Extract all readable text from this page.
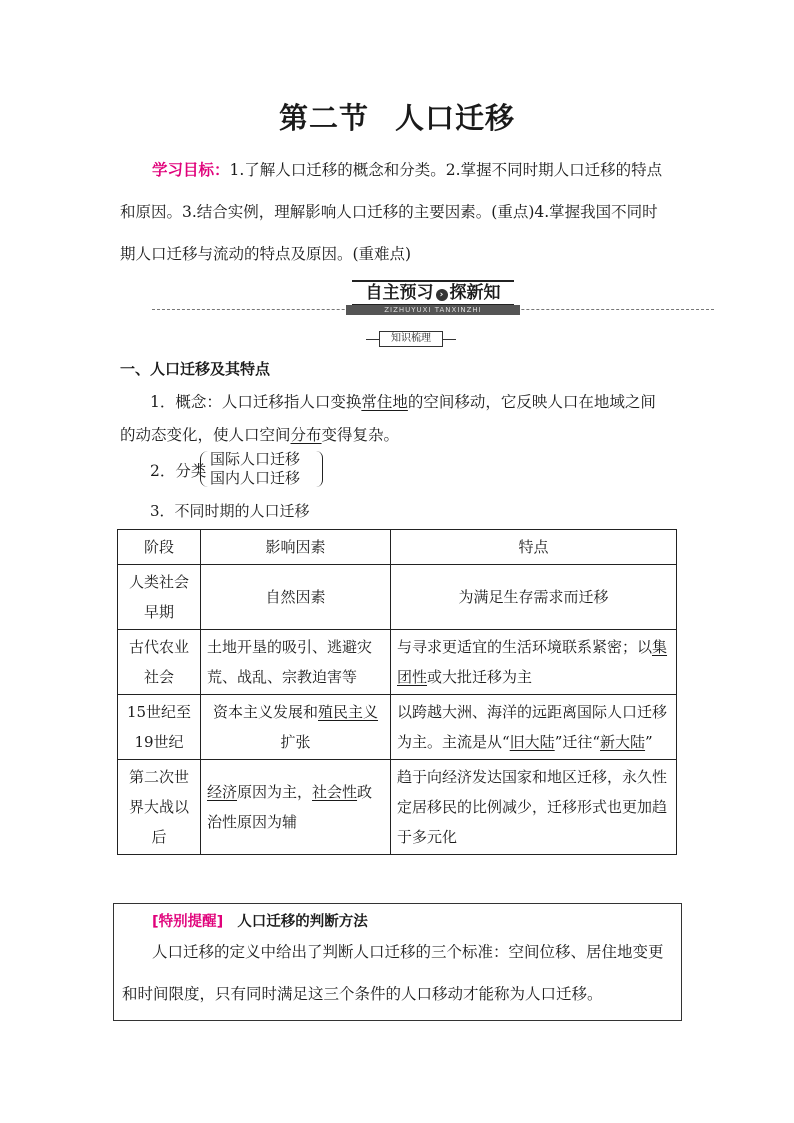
第二节 人口迁移
学习目标：1.了解人口迁移的概念和分类。2.掌握不同时期人口迁移的特点
和原因。3.结合实例，理解影响人口迁移的主要因素。(重点)4.掌握我国不同时
期人口迁移与流动的特点及原因。(重难点)
自主预习 › 探新知
ZIZHUYUXI TANXINZHI
知识梳理
一、人口迁移及其特点
1．概念：人口迁移指人口变换常住地的空间移动，它反映人口在地域之间
的动态变化，使人口空间分布变得复杂。
2．分类
国际人口迁移
国内人口迁移
3．不同时期的人口迁移
阶段	影响因素	特点
人类社会早期	自然因素	为满足生存需求而迁移
古代农业社会	土地开垦的吸引、逃避灾荒、战乱、宗教迫害等	与寻求更适宜的生活环境联系紧密；以集团性或大批迁移为主
15世纪至19世纪	资本主义发展和殖民主义扩张	以跨越大洲、海洋的远距离国际人口迁移为主。主流是从“旧大陆”迁往“新大陆”
第二次世界大战以后	经济原因为主，社会性政治性原因为辅	趋于向经济发达国家和地区迁移，永久性定居移民的比例减少，迁移形式也更加趋于多元化
[特别提醒] 人口迁移的判断方法
人口迁移的定义中给出了判断人口迁移的三个标准：空间位移、居住地变更
和时间限度，只有同时满足这三个条件的人口移动才能称为人口迁移。
